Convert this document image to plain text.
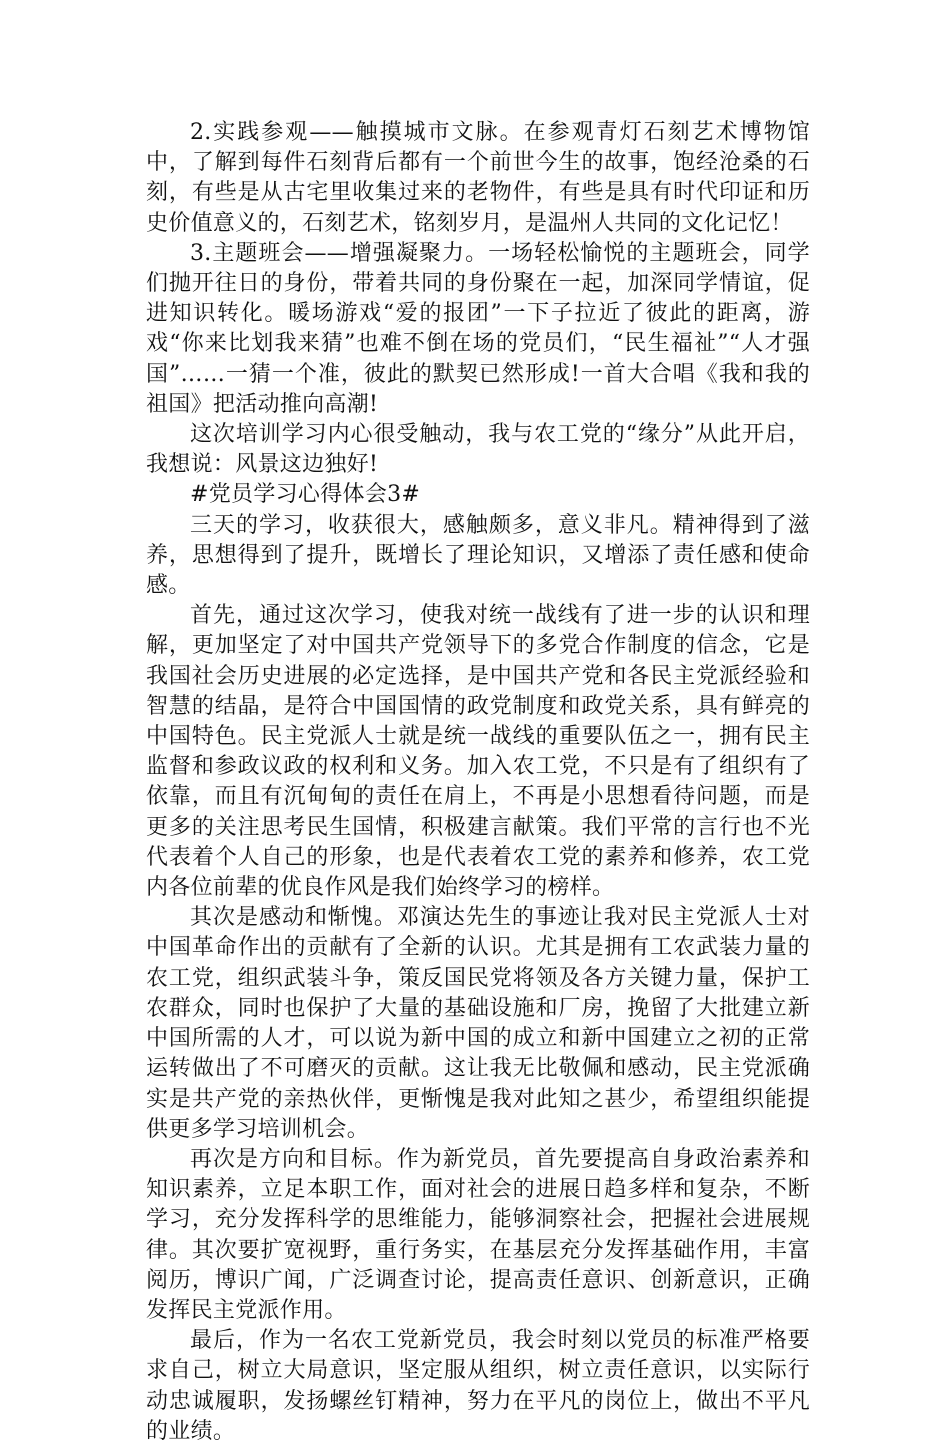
2.实践参观——触摸城市文脉。在参观青灯石刻艺术博物馆中，了解到每件石刻背后都有一个前世今生的故事，饱经沧桑的石刻，有些是从古宅里收集过来的老物件，有些是具有时代印证和历史价值意义的，石刻艺术，铭刻岁月，是温州人共同的文化记忆！

3.主题班会——增强凝聚力。一场轻松愉悦的主题班会，同学们抛开往日的身份，带着共同的身份聚在一起，加深同学情谊，促进知识转化。暖场游戏“爱的报团”一下子拉近了彼此的距离，游戏“你来比划我来猜”也难不倒在场的党员们，“民生福祉”“人才强国”……一猜一个准，彼此的默契已然形成!一首大合唱《我和我的祖国》把活动推向高潮!

这次培训学习内心很受触动，我与农工党的“缘分”从此开启，我想说：风景这边独好!

#党员学习心得体会3#

三天的学习，收获很大，感触颇多，意义非凡。精神得到了滋养，思想得到了提升，既增长了理论知识，又增添了责任感和使命感。

首先，通过这次学习，使我对统一战线有了进一步的认识和理解，更加坚定了对中国共产党领导下的多党合作制度的信念，它是我国社会历史进展的必定选择，是中国共产党和各民主党派经验和智慧的结晶，是符合中国国情的政党制度和政党关系，具有鲜亮的中国特色。民主党派人士就是统一战线的重要队伍之一，拥有民主监督和参政议政的权利和义务。加入农工党，不只是有了组织有了依靠，而且有沉甸甸的责任在肩上，不再是小思想看待问题，而是更多的关注思考民生国情，积极建言献策。我们平常的言行也不光代表着个人自己的形象，也是代表着农工党的素养和修养，农工党内各位前辈的优良作风是我们始终学习的榜样。

其次是感动和惭愧。邓演达先生的事迹让我对民主党派人士对中国革命作出的贡献有了全新的认识。尤其是拥有工农武装力量的农工党，组织武装斗争，策反国民党将领及各方关键力量，保护工农群众，同时也保护了大量的基础设施和厂房，挽留了大批建立新中国所需的人才，可以说为新中国的成立和新中国建立之初的正常运转做出了不可磨灭的贡献。这让我无比敬佩和感动，民主党派确实是共产党的亲热伙伴，更惭愧是我对此知之甚少，希望组织能提供更多学习培训机会。

再次是方向和目标。作为新党员，首先要提高自身政治素养和知识素养，立足本职工作，面对社会的进展日趋多样和复杂，不断学习，充分发挥科学的思维能力，能够洞察社会，把握社会进展规律。其次要扩宽视野，重行务实，在基层充分发挥基础作用，丰富阅历，博识广闻，广泛调查讨论，提高责任意识、创新意识，正确发挥民主党派作用。

最后，作为一名农工党新党员，我会时刻以党员的标准严格要求自己，树立大局意识，坚定服从组织，树立责任意识，以实际行动忠诚履职，发扬螺丝钉精神，努力在平凡的岗位上，做出不平凡的业绩。
